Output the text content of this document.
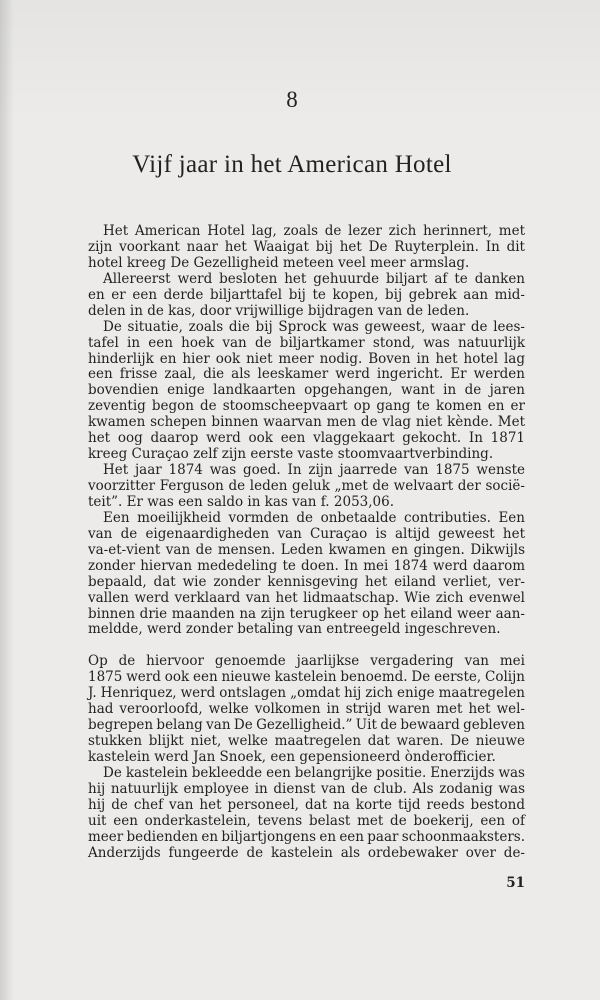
8
Vijf jaar in het American Hotel
Het American Hotel lag, zoals de lezer zich herinnert, met
zijn voorkant naar het Waaigat bij het De Ruyterplein. In dit
hotel kreeg De Gezelligheid meteen veel meer armslag.
Allereerst werd besloten het gehuurde biljart af te danken
en er een derde biljarttafel bij te kopen, bij gebrek aan mid-
delen in de kas, door vrijwillige bijdragen van de leden.
De situatie, zoals die bij Sprock was geweest, waar de lees-
tafel in een hoek van de biljartkamer stond, was natuurlijk
hinderlijk en hier ook niet meer nodig. Boven in het hotel lag
een frisse zaal, die als leeskamer werd ingericht. Er werden
bovendien enige landkaarten opgehangen, want in de jaren
zeventig begon de stoomscheepvaart op gang te komen en er
kwamen schepen binnen waarvan men de vlag niet kènde. Met
het oog daarop werd ook een vlaggekaart gekocht. In 1871
kreeg Curaçao zelf zijn eerste vaste stoomvaartverbinding.
Het jaar 1874 was goed. In zijn jaarrede van 1875 wenste
voorzitter Ferguson de leden geluk „met de welvaart der socië-
teit”. Er was een saldo in kas van f. 2053,06.
Een moeilijkheid vormden de onbetaalde contributies. Een
van de eigenaardigheden van Curaçao is altijd geweest het
va-et-vient van de mensen. Leden kwamen en gingen. Dikwijls
zonder hiervan mededeling te doen. In mei 1874 werd daarom
bepaald, dat wie zonder kennisgeving het eiland verliet, ver-
vallen werd verklaard van het lidmaatschap. Wie zich evenwel
binnen drie maanden na zijn terugkeer op het eiland weer aan-
meldde, werd zonder betaling van entreegeld ingeschreven.
Op de hiervoor genoemde jaarlijkse vergadering van mei
1875 werd ook een nieuwe kastelein benoemd. De eerste, Colijn
J. Henriquez, werd ontslagen „omdat hij zich enige maatregelen
had veroorloofd, welke volkomen in strijd waren met het wel-
begrepen belang van De Gezelligheid.” Uit de bewaard gebleven
stukken blijkt niet, welke maatregelen dat waren. De nieuwe
kastelein werd Jan Snoek, een gepensioneerd ònderofficier.
De kastelein bekleedde een belangrijke positie. Enerzijds was
hij natuurlijk employee in dienst van de club. Als zodanig was
hij de chef van het personeel, dat na korte tijd reeds bestond
uit een onderkastelein, tevens belast met de boekerij, een of
meer bedienden en biljartjongens en een paar schoonmaaksters.
Anderzijds fungeerde de kastelein als ordebewaker over de-
51
